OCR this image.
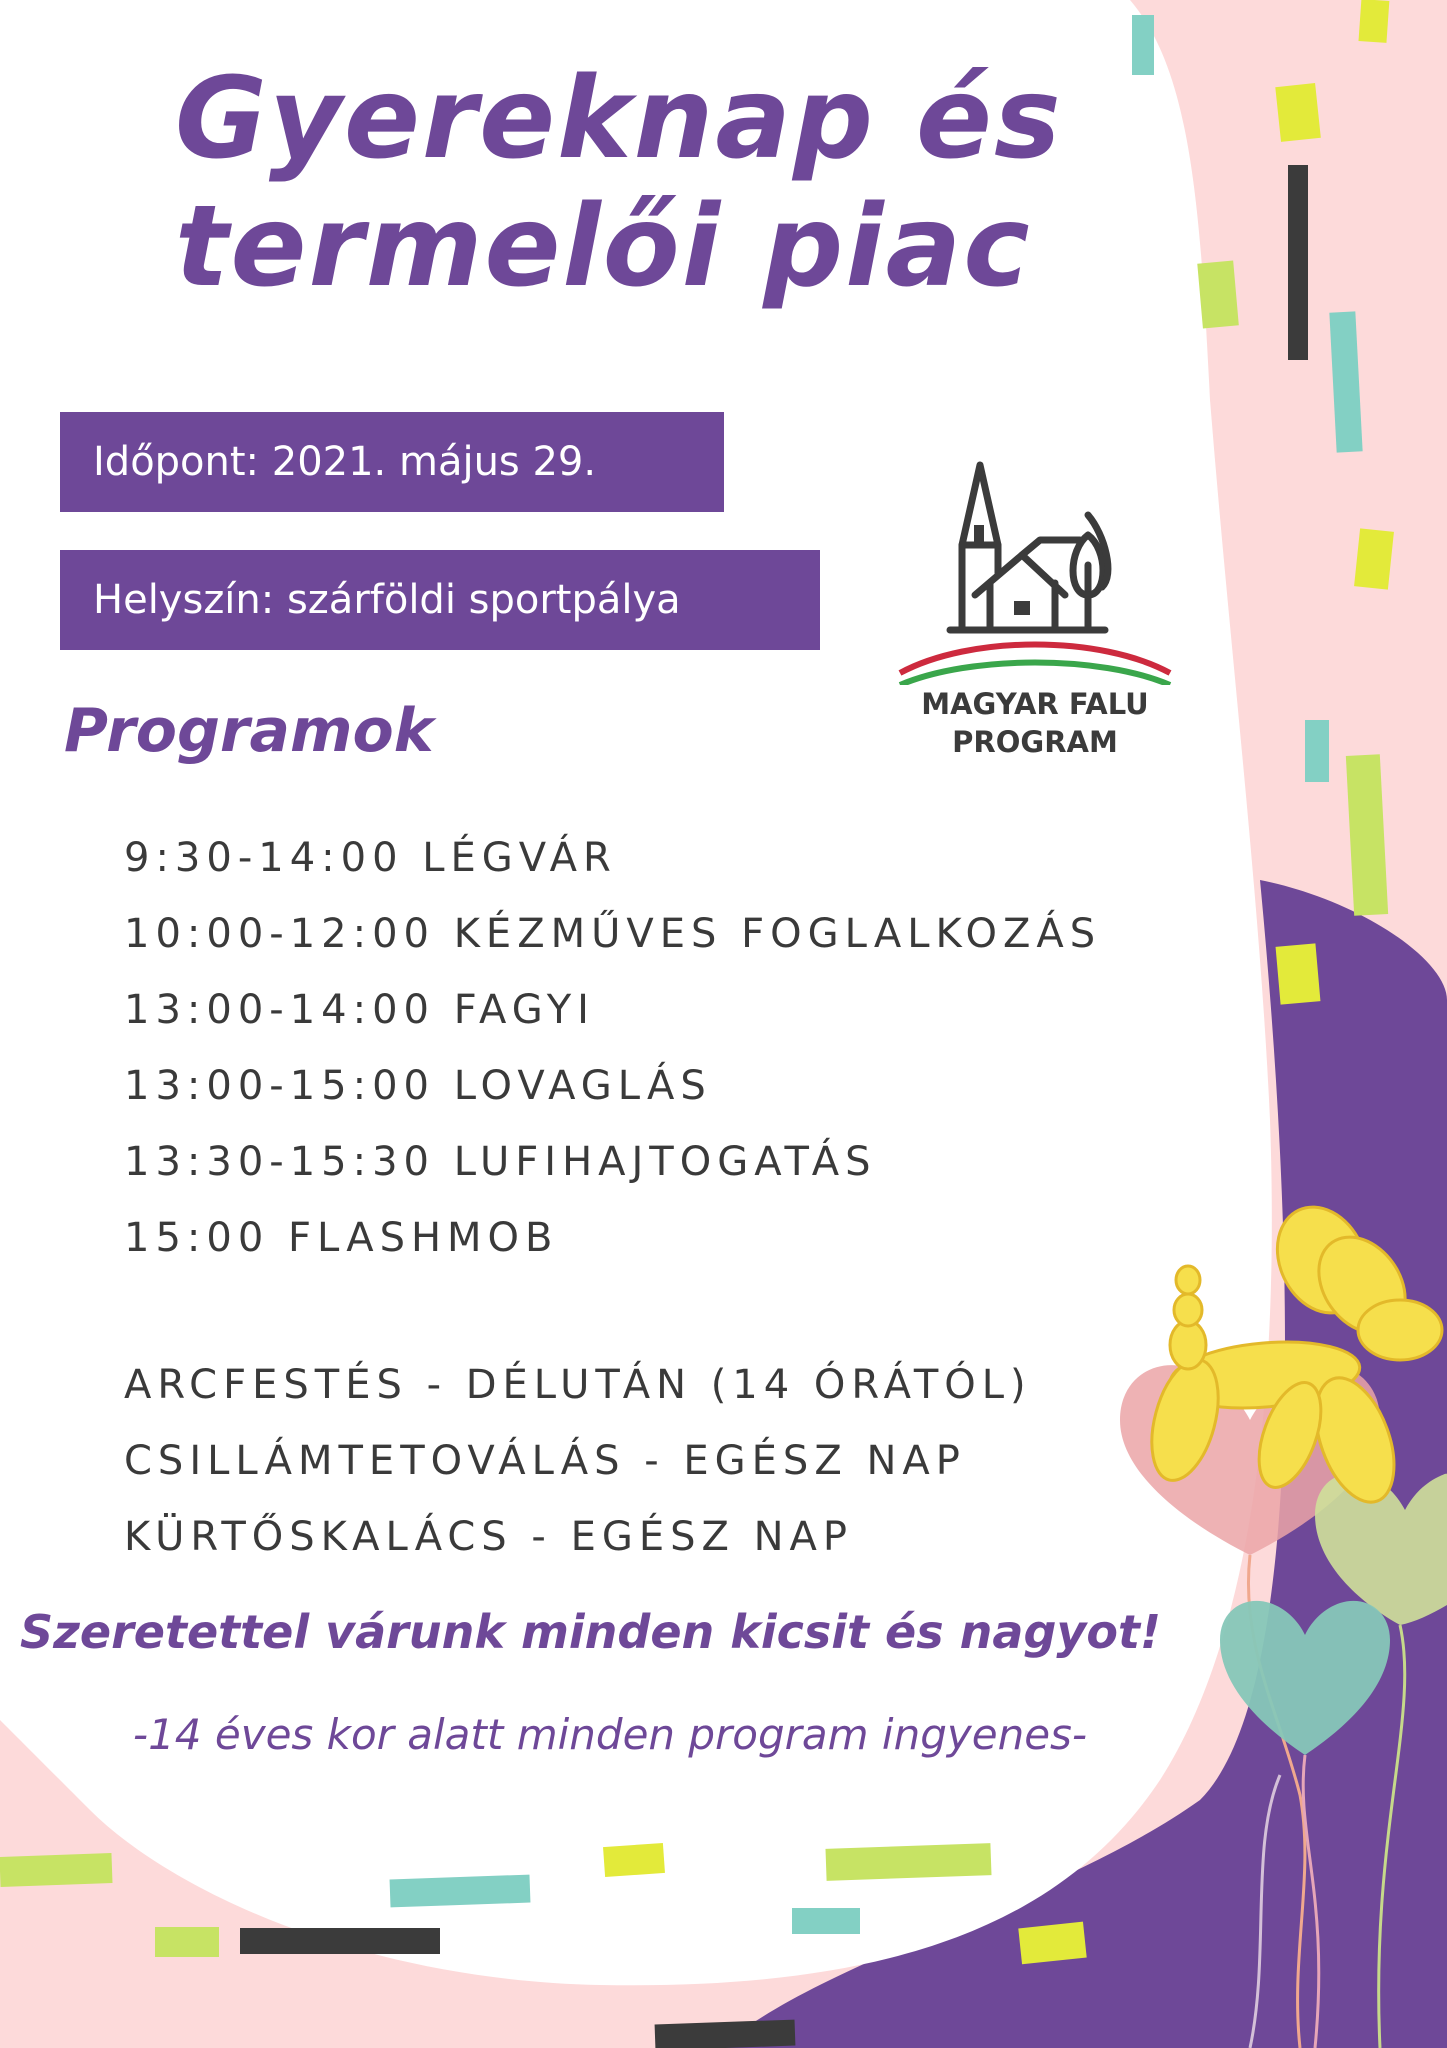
Gyereknap és
termelői piac
Időpont: 2021. május 29.
Helyszín: szárföldi sportpálya
MAGYAR FALU
PROGRAM
Programok
9:30-14:00 LÉGVÁR
10:00-12:00 KÉZMŰVES FOGLALKOZÁS
13:00-14:00 FAGYI
13:00-15:00 LOVAGLÁS
13:30-15:30 LUFIHAJTOGATÁS
15:00 FLASHMOB
ARCFESTÉS - DÉLUTÁN (14 ÓRÁTÓL)
CSILLÁMTETOVÁLÁS - EGÉSZ NAP
KÜRTŐSKALÁCS - EGÉSZ NAP

Szeretettel várunk minden kicsit és nagyot!

-14 éves kor alatt minden program ingyenes-
